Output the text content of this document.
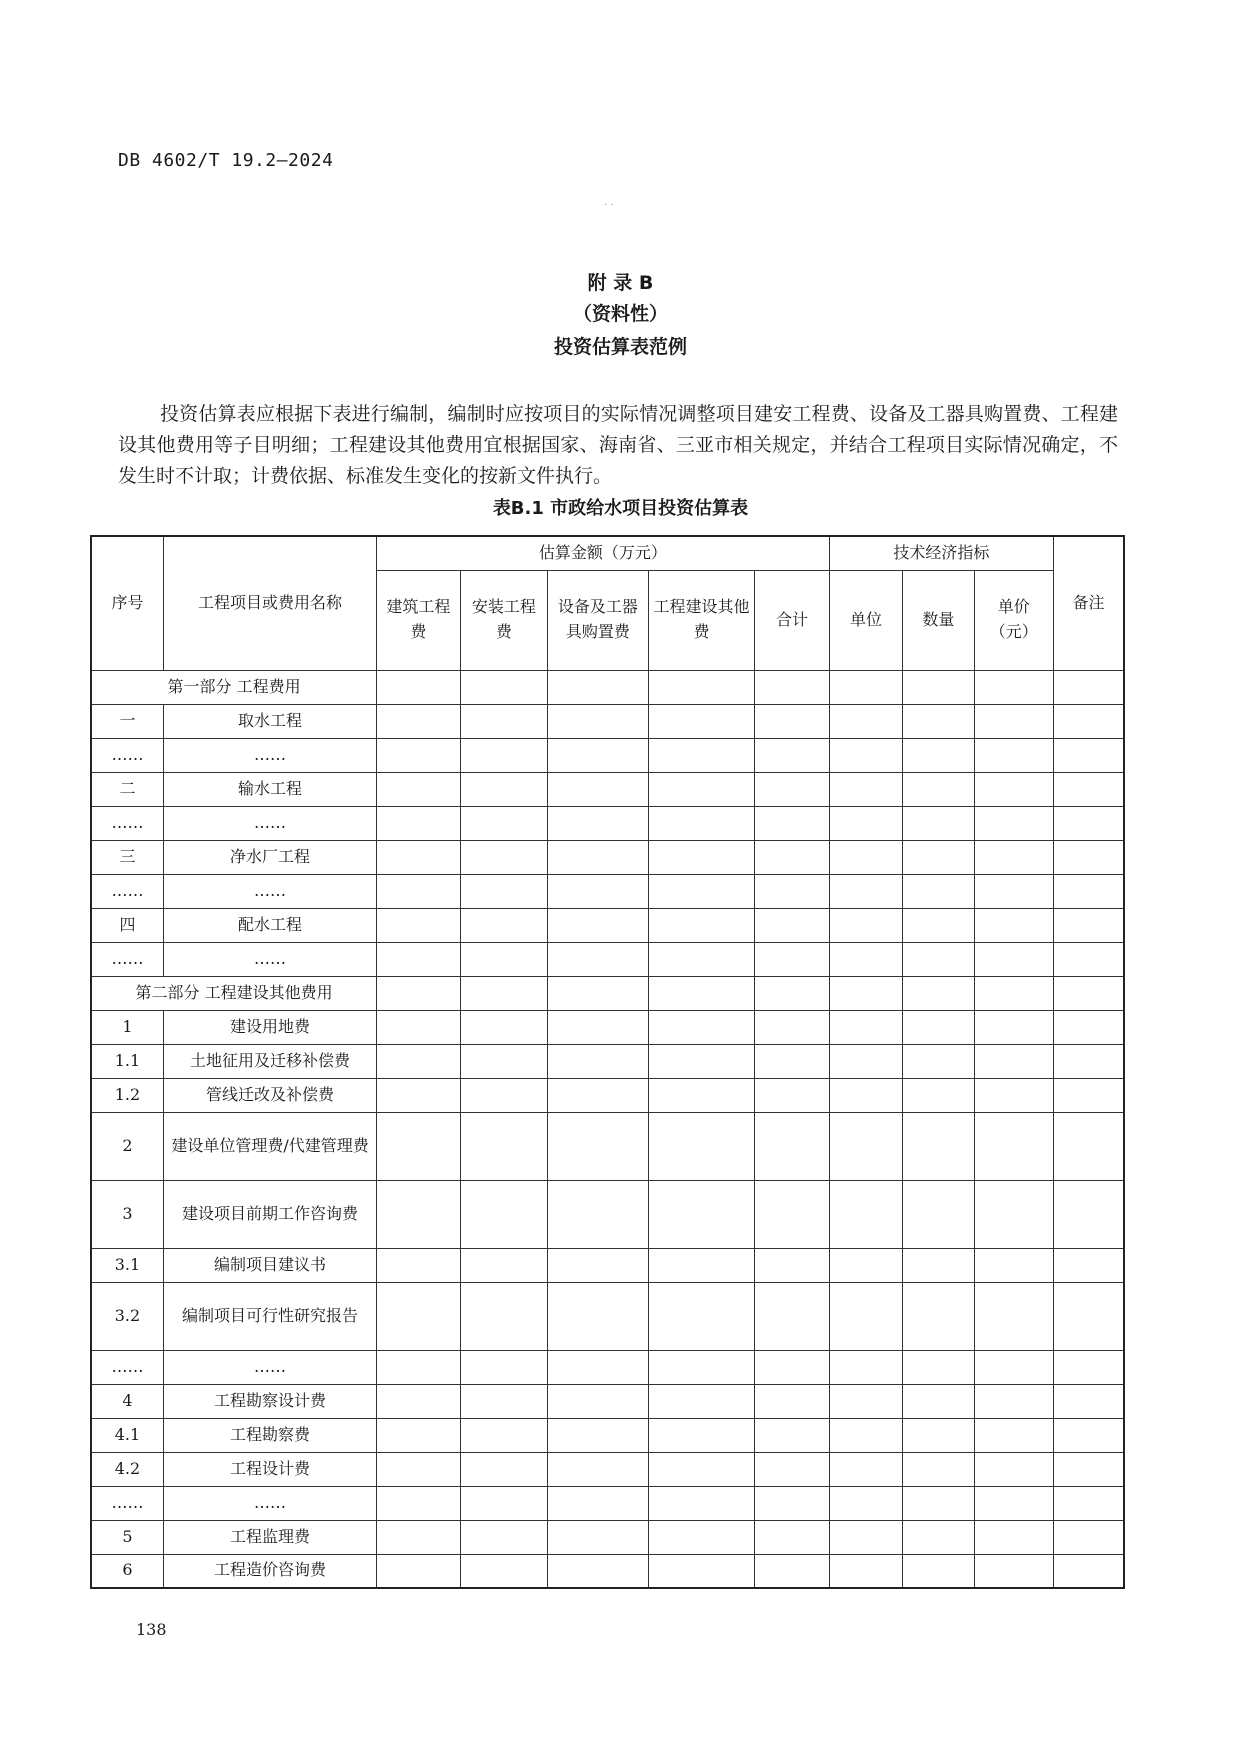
DB 4602/T 19.2—2024
· ·
附 录 B
（资料性）
投资估算表范例

投资估算表应根据下表进行编制，编制时应按项目的实际情况调整项目建安工程费、设备及工器具购置费、工程建设其他费用等子目明细；工程建设其他费用宜根据国家、海南省、三亚市相关规定，并结合工程项目实际情况确定，不发生时不计取；计费依据、标准发生变化的按新文件执行。

表B.1 市政给水项目投资估算表
序号	工程项目或费用名称	估算金额（万元）					技术经济指标			备注
		建筑工程费	安装工程费	设备及工器具购置费	工程建设其他费	合计	单位	数量	单价（元）	
第一部分 工程费用										
一	取水工程									
……	……									
二	输水工程									
……	……									
三	净水厂工程									
……	……									
四	配水工程									
……	……									
第二部分 工程建设其他费用										
1	建设用地费									
1.1	土地征用及迁移补偿费									
1.2	管线迁改及补偿费									
2	建设单位管理费/代建管理费									
3	建设项目前期工作咨询费									
3.1	编制项目建议书									
3.2	编制项目可行性研究报告									
……	……									
4	工程勘察设计费									
4.1	工程勘察费									
4.2	工程设计费									
……	……									
5	工程监理费									
6	工程造价咨询费									
138
